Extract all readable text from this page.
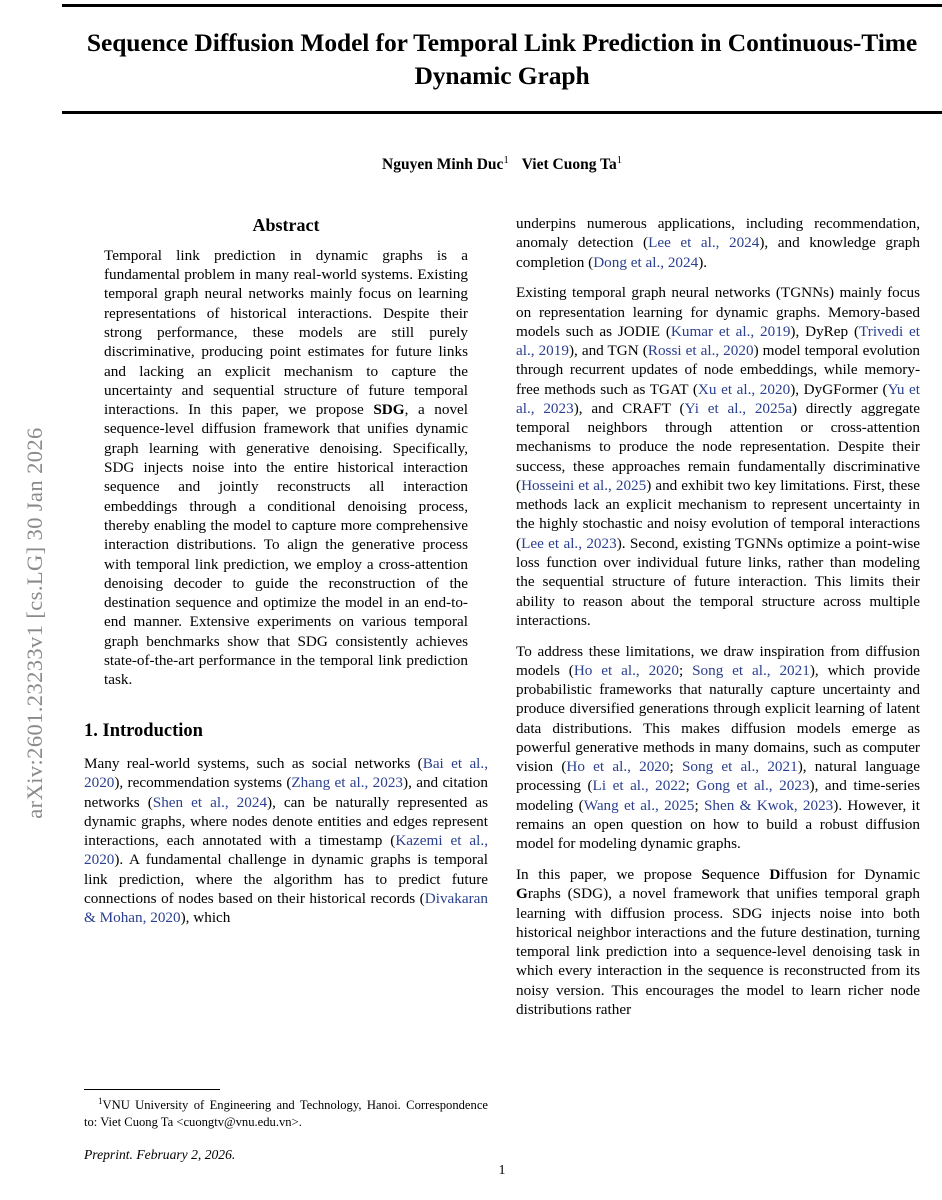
arXiv:2601.23233v1 [cs.LG] 30 Jan 2026
Sequence Diffusion Model for Temporal Link Prediction in Continuous-Time Dynamic Graph
Nguyen Minh Duc$^1$ Viet Cuong Ta$^1$
Abstract
Temporal link prediction in dynamic graphs is a fundamental problem in many real-world systems. Existing temporal graph neural networks mainly focus on learning representations of historical interactions. Despite their strong performance, these models are still purely discriminative, producing point estimates for future links and lacking an explicit mechanism to capture the uncertainty and sequential structure of future temporal interactions. In this paper, we propose SDG, a novel sequence-level diffusion framework that unifies dynamic graph learning with generative denoising. Specifically, SDG injects noise into the entire historical interaction sequence and jointly reconstructs all interaction embeddings through a conditional denoising process, thereby enabling the model to capture more comprehensive interaction distributions. To align the generative process with temporal link prediction, we employ a cross-attention denoising decoder to guide the reconstruction of the destination sequence and optimize the model in an end-to-end manner. Extensive experiments on various temporal graph benchmarks show that SDG consistently achieves state-of-the-art performance in the temporal link prediction task.
1. Introduction

Many real-world systems, such as social networks (Bai et al., 2020), recommendation systems (Zhang et al., 2023), and citation networks (Shen et al., 2024), can be naturally represented as dynamic graphs, where nodes denote entities and edges represent interactions, each annotated with a timestamp (Kazemi et al., 2020). A fundamental challenge in dynamic graphs is temporal link prediction, where the algorithm has to predict future connections of nodes based on their historical records (Divakaran & Mohan, 2020), which

underpins numerous applications, including recommendation, anomaly detection (Lee et al., 2024), and knowledge graph completion (Dong et al., 2024).

Existing temporal graph neural networks (TGNNs) mainly focus on representation learning for dynamic graphs. Memory-based models such as JODIE (Kumar et al., 2019), DyRep (Trivedi et al., 2019), and TGN (Rossi et al., 2020) model temporal evolution through recurrent updates of node embeddings, while memory-free methods such as TGAT (Xu et al., 2020), DyGFormer (Yu et al., 2023), and CRAFT (Yi et al., 2025a) directly aggregate temporal neighbors through attention or cross-attention mechanisms to produce the node representation. Despite their success, these approaches remain fundamentally discriminative (Hosseini et al., 2025) and exhibit two key limitations. First, these methods lack an explicit mechanism to represent uncertainty in the highly stochastic and noisy evolution of temporal interactions (Lee et al., 2023). Second, existing TGNNs optimize a point-wise loss function over individual future links, rather than modeling the sequential structure of future interaction. This limits their ability to reason about the temporal structure across multiple interactions.

To address these limitations, we draw inspiration from diffusion models (Ho et al., 2020; Song et al., 2021), which provide probabilistic frameworks that naturally capture uncertainty and produce diversified generations through explicit learning of latent data distributions. This makes diffusion models emerge as powerful generative methods in many domains, such as computer vision (Ho et al., 2020; Song et al., 2021), natural language processing (Li et al., 2022; Gong et al., 2023), and time-series modeling (Wang et al., 2025; Shen & Kwok, 2023). However, it remains an open question on how to build a robust diffusion model for modeling dynamic graphs.

In this paper, we propose Sequence Diffusion for Dynamic Graphs (SDG), a novel framework that unifies temporal graph learning with diffusion process. SDG injects noise into both historical neighbor interactions and the future destination, turning temporal link prediction into a sequence-level denoising task in which every interaction in the sequence is reconstructed from its noisy version. This encourages the model to learn richer node distributions rather

$^1$VNU University of Engineering and Technology, Hanoi. Correspondence to: Viet Cuong Ta <cuongtv@vnu.edu.vn>.
Preprint. February 2, 2026.
1
